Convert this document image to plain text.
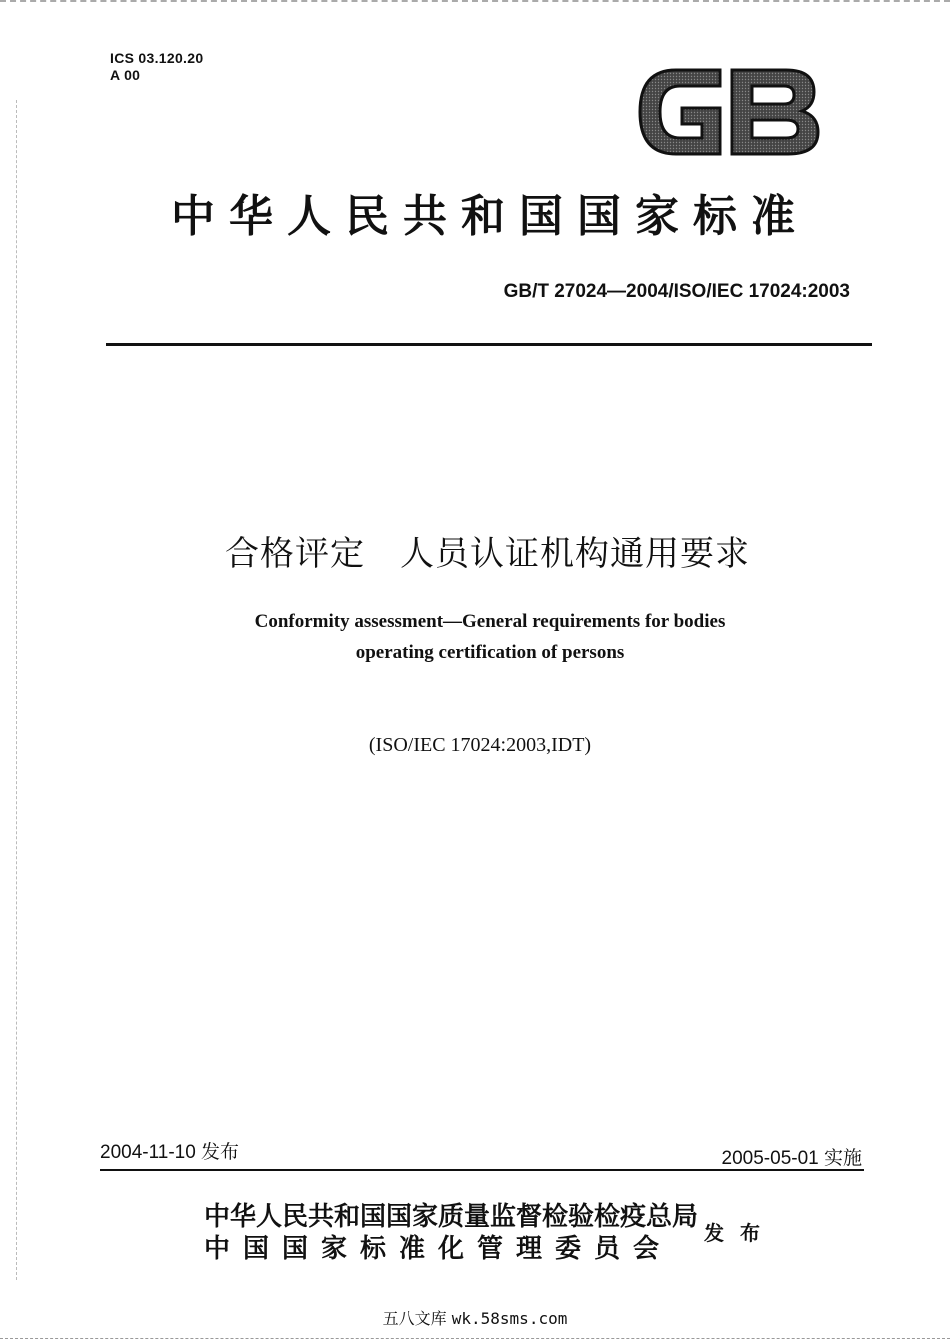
ICS 03.120.20
A 00
中华人民共和国国家标准
GB/T 27024—2004/ISO/IEC 17024:2003
合格评定　人员认证机构通用要求
Conformity assessment—General requirements for bodies
operating certification of persons
(ISO/IEC 17024:2003,IDT)
2004-11-10 发布	2005-05-01 实施
中华人民共和国国家质量监督检验检疫总局
中国国家标准化管理委员会
发布
五八文库 wk.58sms.com
